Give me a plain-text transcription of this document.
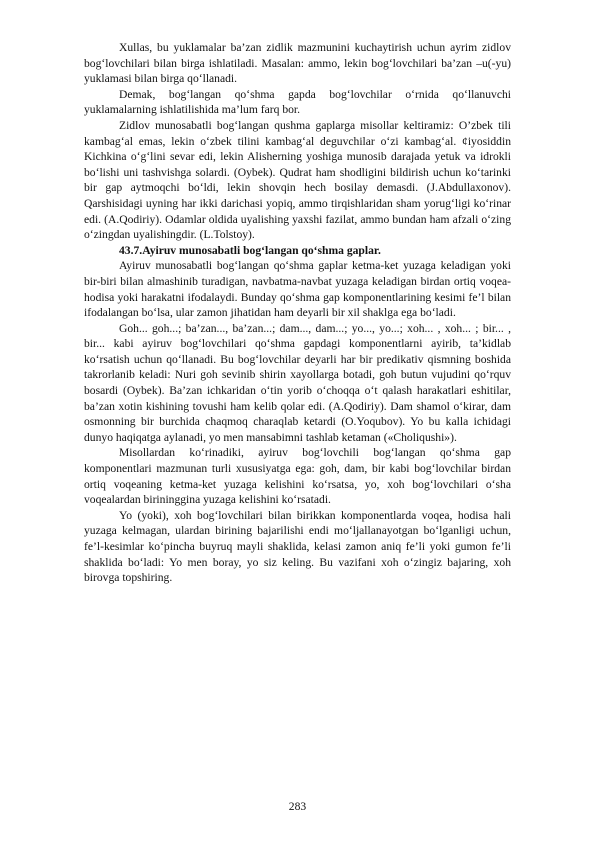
Xullas, bu yuklamalar ba’zan zidlik mazmunini kuchaytirish uchun ayrim zidlov bog‘lovchilari bilan birga ishlatiladi. Masalan: ammo, lekin bog‘lovchilari ba’zan –u(-yu) yuklamasi bilan birga qo‘llanadi.

Demak, bog‘langan qo‘shma gapda bog‘lovchilar o‘rnida qo‘llanuvchi yuklamalarning ishlatilishida ma’lum farq bor.

Zidlov munosabatli bog‘langan qushma gaplarga misollar keltiramiz: O’zbek tili kambag‘al emas, lekin o‘zbek tilini kambag‘al deguvchilar o‘zi kambag‘al. ¢iyosiddin Kichkina o‘g‘lini sevar edi, lekin Alisherning yoshiga munosib darajada yetuk va idrokli bo‘lishi uni tashvishga solardi. (Oybek). Qudrat ham shodligini bildirish uchun ko‘tarinki bir gap aytmoqchi bo‘ldi, lekin shovqin hech bosilay demasdi. (J.Abdullaxonov). Qarshisidagi uyning har ikki darichasi yopiq, ammo tirqishlaridan sham yorug‘ligi ko‘rinar edi. (A.Qodiriy). Odamlar oldida uyalishing yaxshi fazilat, ammo bundan ham afzali o‘zing o‘zingdan uyalishingdir. (L.Tolstoy).

43.7.Ayiruv munosabatli bog‘langan qo‘shma gaplar.

Ayiruv munosabatli bog‘langan qo‘shma gaplar ketma-ket yuzaga keladigan yoki bir-biri bilan almashinib turadigan, navbatma-navbat yuzaga keladigan birdan ortiq voqea-hodisa yoki harakatni ifodalaydi. Bunday qo‘shma gap komponentlarining kesimi fe’l bilan ifodalangan bo‘lsa, ular zamon jihatidan ham deyarli bir xil shaklga ega bo‘ladi.

Goh... goh...; ba’zan..., ba’zan...; dam..., dam...; yo..., yo...; xoh... , xoh... ; bir... , bir... kabi ayiruv bog‘lovchilari qo‘shma gapdagi komponentlarni ayirib, ta’kidlab ko‘rsatish uchun qo‘llanadi. Bu bog‘lovchilar deyarli har bir predikativ qismning boshida takrorlanib keladi: Nuri goh sevinib shirin xayollarga botadi, goh butun vujudini qo‘rquv bosardi (Oybek). Ba’zan ichkaridan o‘tin yorib o‘choqqa o‘t qalash harakatlari eshitilar, ba’zan xotin kishining tovushi ham kelib qolar edi. (A.Qodiriy). Dam shamol o‘kirar, dam osmonning bir burchida chaqmoq charaqlab ketardi (O.Yoqubov). Yo bu kalla ichidagi dunyo haqiqatga aylanadi, yo men mansabimni tashlab ketaman («Choliqushi»).

Misollardan ko‘rinadiki, ayiruv bog‘lovchili bog‘langan qo‘shma gap komponentlari mazmunan turli xususiyatga ega: goh, dam, bir kabi bog‘lovchilar birdan ortiq voqeaning ketma-ket yuzaga kelishini ko‘rsatsa, yo, xoh bog‘lovchilari o‘sha voqealardan birininggina yuzaga kelishini ko‘rsatadi.

Yo (yoki), xoh bog‘lovchilari bilan birikkan komponentlarda voqea, hodisa hali yuzaga kelmagan, ulardan birining bajarilishi endi mo‘ljallanayotgan bo‘lganligi uchun, fe’l-kesimlar ko‘pincha buyruq mayli shaklida, kelasi zamon aniq fe’li yoki gumon fe’li shaklida bo‘ladi: Yo men boray, yo siz keling. Bu vazifani xoh o‘zingiz bajaring, xoh birovga topshiring.

283
